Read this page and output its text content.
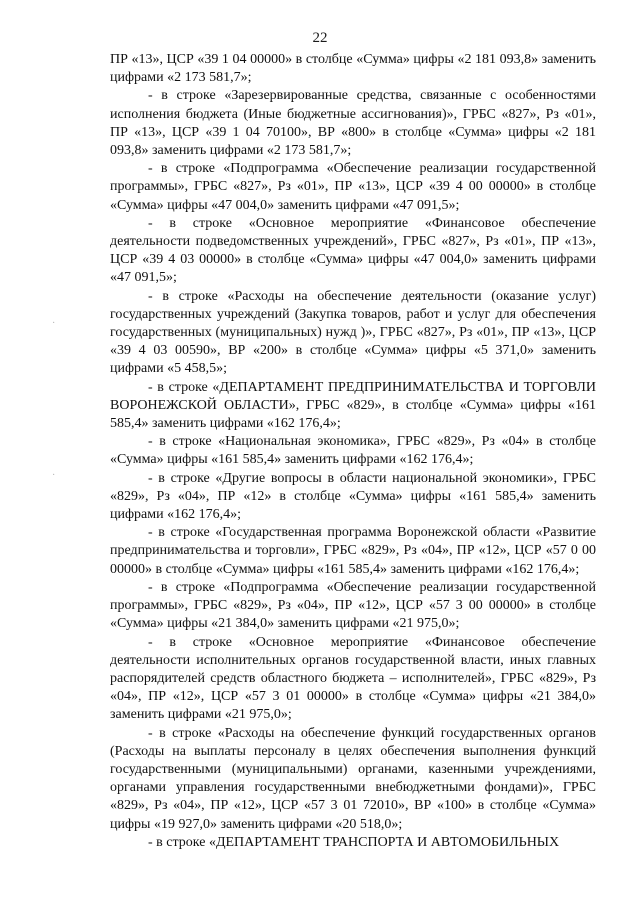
22
·
·

ПР «13», ЦСР «39 1 04 00000» в столбце «Сумма» цифры «2 181 093,8» заменить цифрами «2 173 581,7»;

- в строке «Зарезервированные средства, связанные с особенностями исполнения бюджета (Иные бюджетные ассигнования)», ГРБС «827», Рз «01», ПР «13», ЦСР «39 1 04 70100», ВР «800» в столбце «Сумма» цифры «2 181 093,8» заменить цифрами «2 173 581,7»;

- в строке «Подпрограмма «Обеспечение реализации государственной программы», ГРБС «827», Рз «01», ПР «13», ЦСР «39 4 00 00000» в столбце «Сумма» цифры «47 004,0» заменить цифрами «47 091,5»;

- в строке «Основное мероприятие «Финансовое обеспечение деятельности подведомственных учреждений», ГРБС «827», Рз «01», ПР «13», ЦСР «39 4 03 00000» в столбце «Сумма» цифры «47 004,0» заменить цифрами «47 091,5»;

- в строке «Расходы на обеспечение деятельности (оказание услуг) государственных учреждений (Закупка товаров, работ и услуг для обеспечения государственных (муниципальных) нужд )», ГРБС «827», Рз «01», ПР «13», ЦСР «39 4 03 00590», ВР «200» в столбце «Сумма» цифры «5 371,0» заменить цифрами «5 458,5»;

- в строке «ДЕПАРТАМЕНТ ПРЕДПРИНИМАТЕЛЬСТВА И ТОРГОВЛИ ВОРОНЕЖСКОЙ ОБЛАСТИ», ГРБС «829», в столбце «Сумма» цифры «161 585,4» заменить цифрами «162 176,4»;

- в строке «Национальная экономика», ГРБС «829», Рз «04» в столбце «Сумма» цифры «161 585,4» заменить цифрами «162 176,4»;

- в строке «Другие вопросы в области национальной экономики», ГРБС «829», Рз «04», ПР «12» в столбце «Сумма» цифры «161 585,4» заменить цифрами «162 176,4»;

- в строке «Государственная программа Воронежской области «Развитие предпринимательства и торговли», ГРБС «829», Рз «04», ПР «12», ЦСР «57 0 00 00000» в столбце «Сумма» цифры «161 585,4» заменить цифрами «162 176,4»;

- в строке «Подпрограмма «Обеспечение реализации государственной программы», ГРБС «829», Рз «04», ПР «12», ЦСР «57 3 00 00000» в столбце «Сумма» цифры «21 384,0» заменить цифрами «21 975,0»;

- в строке «Основное мероприятие «Финансовое обеспечение деятельности исполнительных органов государственной власти, иных главных распорядителей средств областного бюджета – исполнителей», ГРБС «829», Рз «04», ПР «12», ЦСР «57 3 01 00000» в столбце «Сумма» цифры «21 384,0» заменить цифрами «21 975,0»;

- в строке «Расходы на обеспечение функций государственных органов (Расходы на выплаты персоналу в целях обеспечения выполнения функций государственными (муниципальными) органами, казенными учреждениями, органами управления государственными внебюджетными фондами)», ГРБС «829», Рз «04», ПР «12», ЦСР «57 3 01 72010», ВР «100» в столбце «Сумма» цифры «19 927,0» заменить цифрами «20 518,0»;

- в строке «ДЕПАРТАМЕНТ ТРАНСПОРТА И АВТОМОБИЛЬНЫХ
